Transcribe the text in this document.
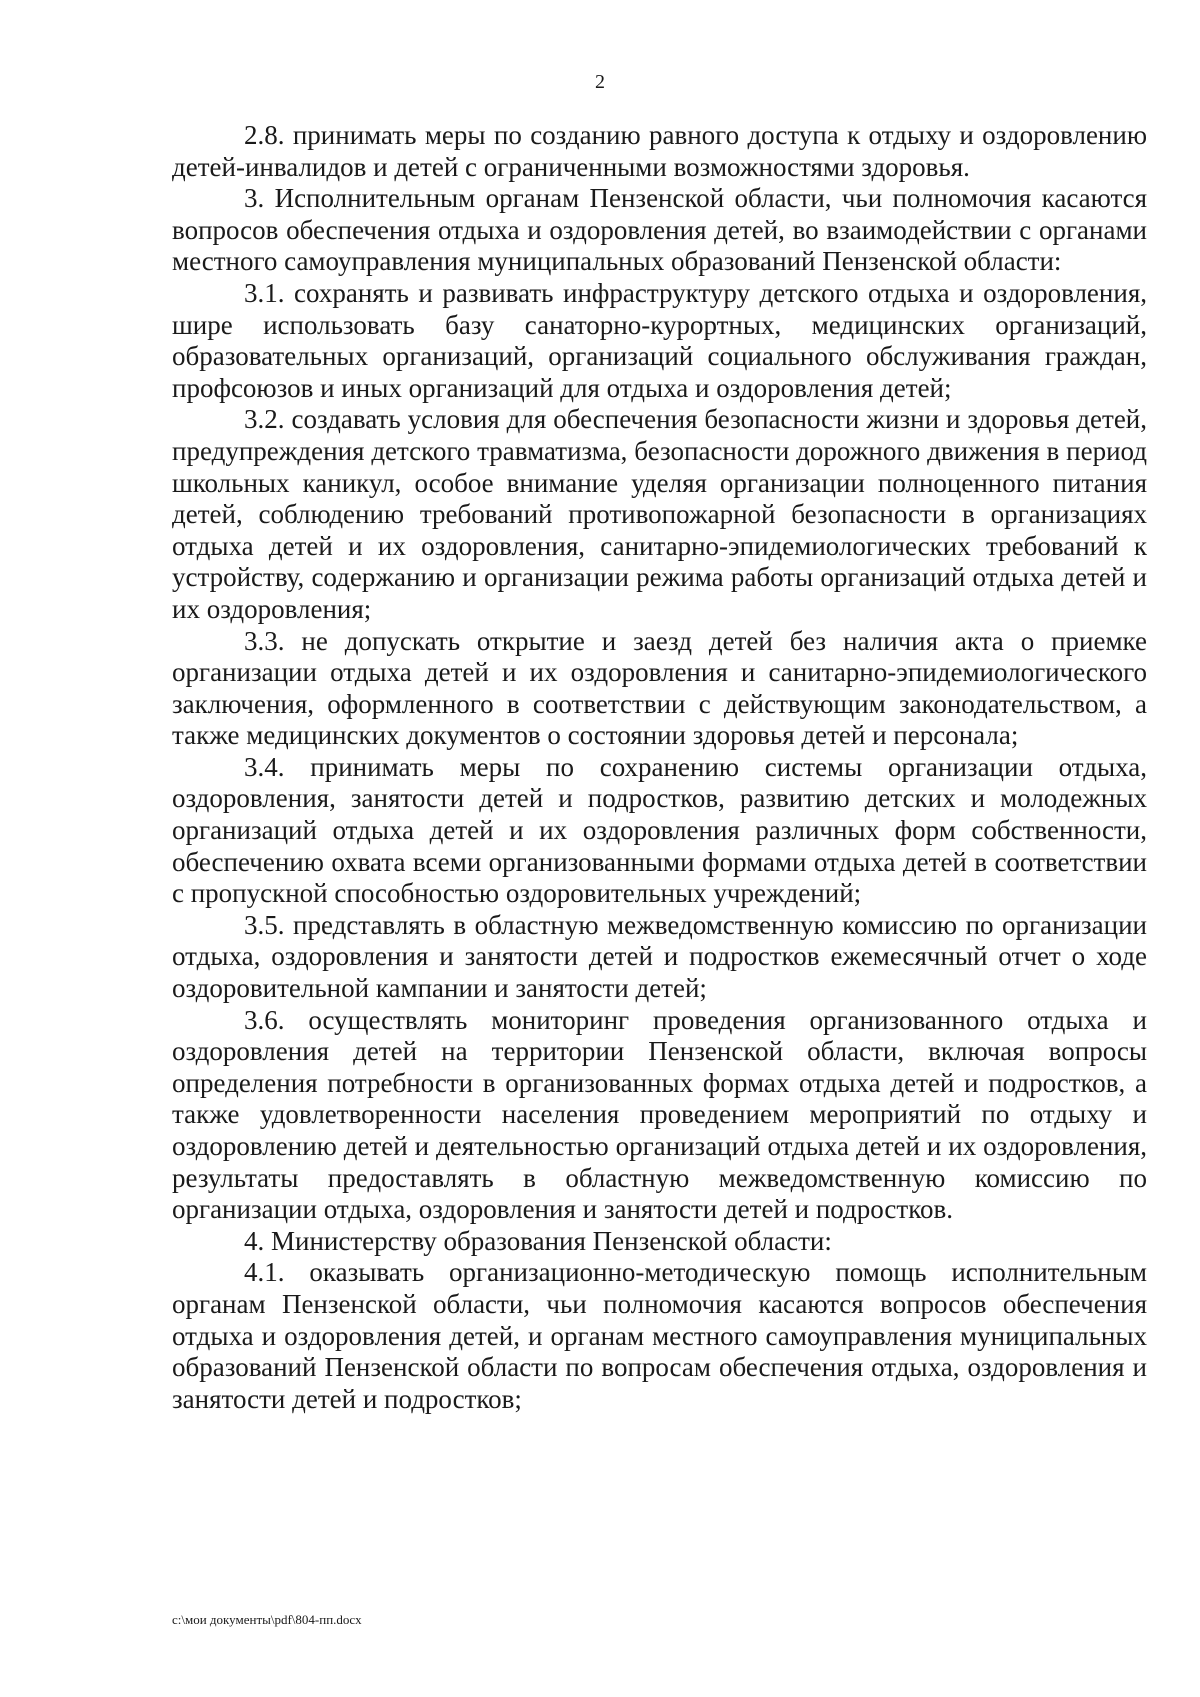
2

2.8. принимать меры по созданию равного доступа к отдыху и оздоровлению детей-инвалидов и детей с ограниченными возможностями здоровья.

3. Исполнительным органам Пензенской области, чьи полномочия касаются вопросов обеспечения отдыха и оздоровления детей, во взаимодействии с органами местного самоуправления муниципальных образований Пензенской области:

3.1. сохранять и развивать инфраструктуру детского отдыха и оздоровления, шире использовать базу санаторно-курортных, медицинских организаций, образовательных организаций, организаций социального обслуживания граждан, профсоюзов и иных организаций для отдыха и оздоровления детей;

3.2. создавать условия для обеспечения безопасности жизни и здоровья детей, предупреждения детского травматизма, безопасности дорожного движения в период школьных каникул, особое внимание уделяя организации полноценного питания детей, соблюдению требований противопожарной безопасности в организациях отдыха детей и их оздоровления, санитарно-эпидемиологических требований к устройству, содержанию и организации режима работы организаций отдыха детей и их оздоровления;

3.3. не допускать открытие и заезд детей без наличия акта о приемке организации отдыха детей и их оздоровления и санитарно-эпидемиологического заключения, оформленного в соответствии с действующим законодательством, а также медицинских документов о состоянии здоровья детей и персонала;

3.4. принимать меры по сохранению системы организации отдыха, оздоровления, занятости детей и подростков, развитию детских и молодежных организаций отдыха детей и их оздоровления различных форм собственности, обеспечению охвата всеми организованными формами отдыха детей в соответствии с пропускной способностью оздоровительных учреждений;

3.5. представлять в областную межведомственную комиссию по организации отдыха, оздоровления и занятости детей и подростков ежемесячный отчет о ходе оздоровительной кампании и занятости детей;

3.6. осуществлять мониторинг проведения организованного отдыха и оздоровления детей на территории Пензенской области, включая вопросы определения потребности в организованных формах отдыха детей и подростков, а также удовлетворенности населения проведением мероприятий по отдыху и оздоровлению детей и деятельностью организаций отдыха детей и их оздоровления, результаты предоставлять в областную межведомственную комиссию по организации отдыха, оздоровления и занятости детей и подростков.

4. Министерству образования Пензенской области:

4.1. оказывать организационно-методическую помощь исполнительным органам Пензенской области, чьи полномочия касаются вопросов обеспечения отдыха и оздоровления детей, и органам местного самоуправления муниципальных образований Пензенской области по вопросам обеспечения отдыха, оздоровления и занятости детей и подростков;

c:\мои документы\pdf\804-пп.docx
